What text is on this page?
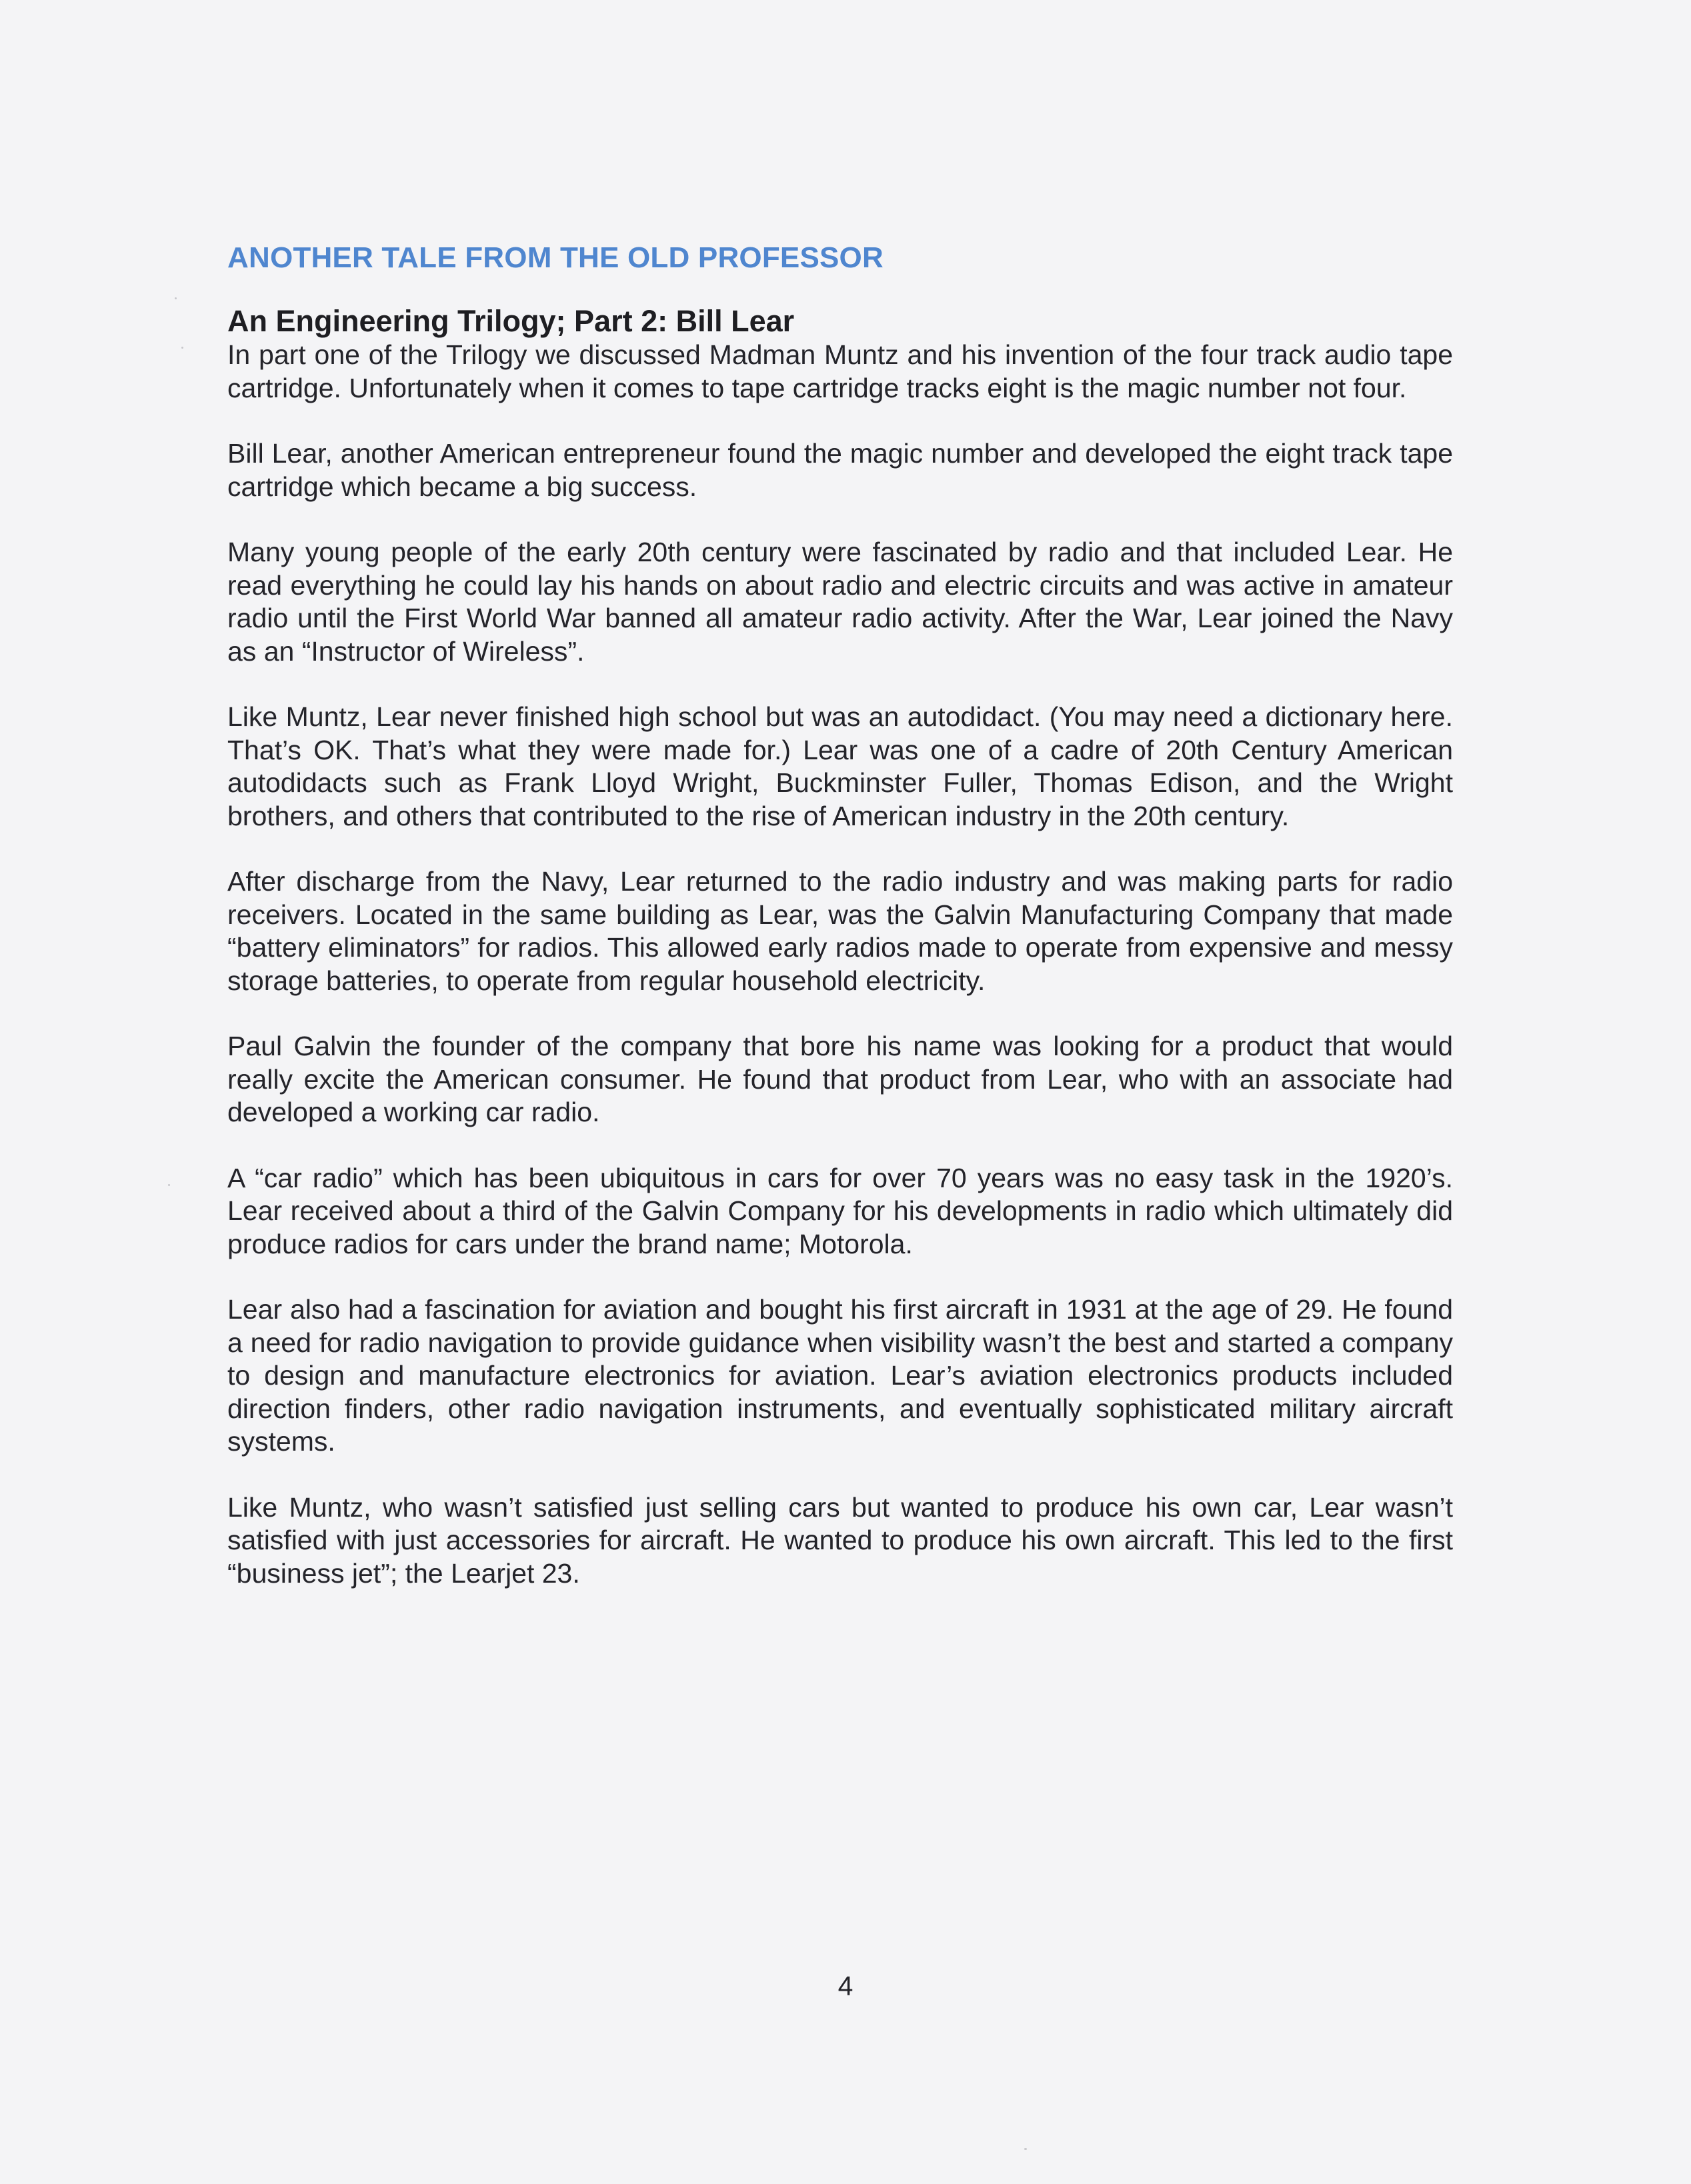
ANOTHER TALE FROM THE OLD PROFESSOR
An Engineering Trilogy; Part 2: Bill Lear

In part one of the Trilogy we discussed Madman Muntz and his invention of the four track audio tape cartridge. Unfortunately when it comes to tape cartridge tracks eight is the magic number not four.

Bill Lear, another American entrepreneur found the magic number and developed the eight track tape cartridge which became a big success.

Many young people of the early 20th century were fascinated by radio and that included Lear. He read everything he could lay his hands on about radio and electric circuits and was active in amateur radio until the First World War banned all amateur radio activity. After the War, Lear joined the Navy as an “Instructor of Wireless”.

Like Muntz, Lear never finished high school but was an autodidact. (You may need a dictionary here. That’s OK. That’s what they were made for.) Lear was one of a cadre of 20th Century American autodidacts such as Frank Lloyd Wright, Buckminster Fuller, Thomas Edison, and the Wright brothers, and others that contributed to the rise of American industry in the 20th century.

After discharge from the Navy, Lear returned to the radio industry and was making parts for radio receivers. Located in the same building as Lear, was the Galvin Manufacturing Company that made “battery eliminators” for radios. This allowed early radios made to operate from expensive and messy storage batteries, to operate from regular household electricity.

Paul Galvin the founder of the company that bore his name was looking for a product that would really excite the American consumer. He found that product from Lear, who with an associate had developed a working car radio.

A “car radio” which has been ubiquitous in cars for over 70 years was no easy task in the 1920’s. Lear received about a third of the Galvin Company for his developments in radio which ultimately did produce radios for cars under the brand name; Motorola.

Lear also had a fascination for aviation and bought his first aircraft in 1931 at the age of 29. He found a need for radio navigation to provide guidance when visibility wasn’t the best and started a company to design and manufacture electronics for aviation. Lear’s aviation electronics products included direction finders, other radio navigation instruments, and eventually sophisticated military aircraft systems.

Like Muntz, who wasn’t satisfied just selling cars but wanted to produce his own car, Lear wasn’t satisfied with just accessories for aircraft. He wanted to produce his own aircraft. This led to the first “business jet”; the Learjet 23.

4
